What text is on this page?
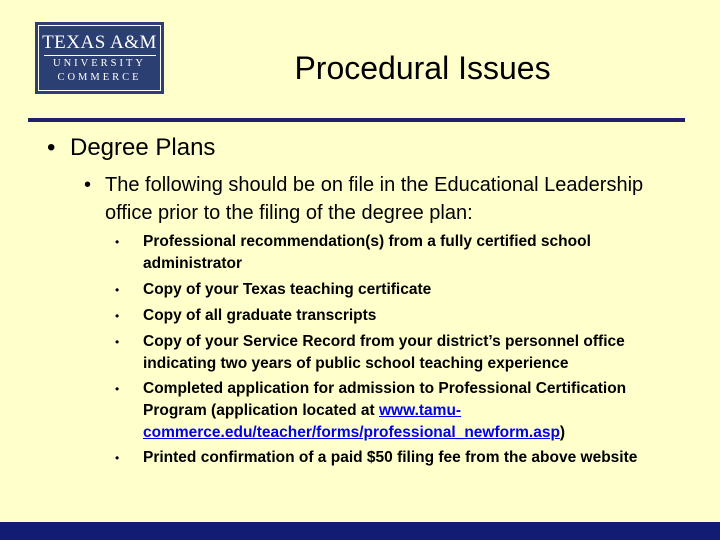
TEXAS A&M
UNIVERSITY
COMMERCE	Procedural Issues
• Degree Plans
• The following should be on file in the Educational Leadership office prior to the filing of the degree plan:
• Professional recommendation(s) from a fully certified school administrator
• Copy of your Texas teaching certificate
• Copy of all graduate transcripts
• Copy of your Service Record from your district’s personnel office indicating two years of public school teaching experience
• Completed application for admission to Professional Certification Program (application located at www.tamu-commerce.edu/teacher/forms/professional_newform.asp)
• Printed confirmation of a paid $50 filing fee from the above website
